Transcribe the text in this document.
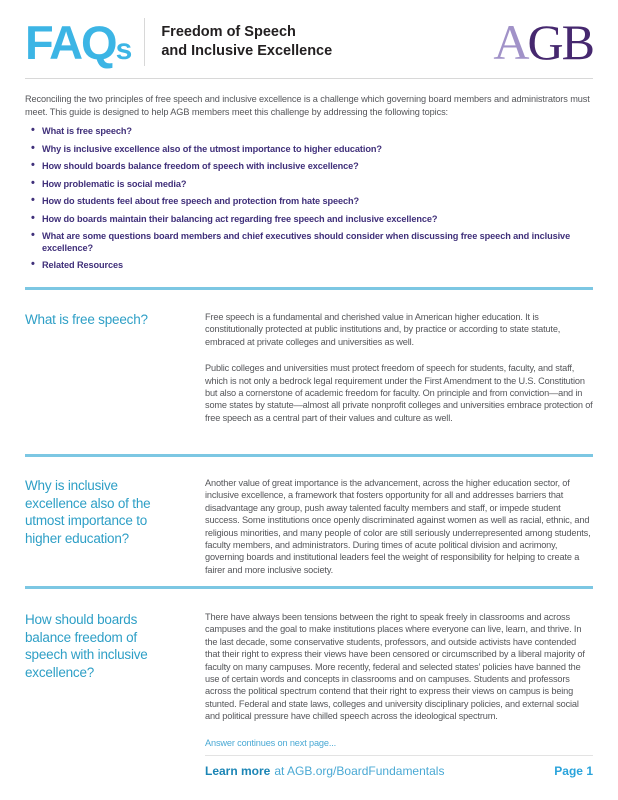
FAQs
Freedom of Speech
and Inclusive Excellence	AGB

Reconciling the two principles of free speech and inclusive excellence is a challenge which governing board members and administrators must meet. This guide is designed to help AGB members meet this challenge by addressing the following topics:

• What is free speech?
• Why is inclusive excellence also of the utmost importance to higher education?
• How should boards balance freedom of speech with inclusive excellence?
• How problematic is social media?
• How do students feel about free speech and protection from hate speech?
• How do boards maintain their balancing act regarding free speech and inclusive excellence?
• What are some questions board members and chief executives should consider when discussing free speech and inclusive excellence?
• Related Resources
What is free speech?	Free speech is a fundamental and cherished value in American higher education. It is constitutionally protected at public institutions and, by practice or according to state statute, embraced at private colleges and universities as well.

Public colleges and universities must protect freedom of speech for students, faculty, and staff, which is not only a bedrock legal requirement under the First Amendment to the U.S. Constitution but also a cornerstone of academic freedom for faculty. On principle and from conviction—and in some states by statute—almost all private nonprofit colleges and universities embrace protection of free speech as a central part of their values and culture as well.

Why is inclusive excellence also of the utmost importance to higher education?

Another value of great importance is the advancement, across the higher education sector, of inclusive excellence, a framework that fosters opportunity for all and addresses barriers that disadvantage any group, push away talented faculty members and staff, or impede student success. Some institutions once openly discriminated against women as well as racial, ethnic, and religious minorities, and many people of color are still seriously underrepresented among students, faculty members, and administrators. During times of acute political division and acrimony, governing boards and institutional leaders feel the weight of responsibility for helping to create a fairer and more inclusive society.

How should boards balance freedom of speech with inclusive excellence?

There have always been tensions between the right to speak freely in classrooms and across campuses and the goal to make institutions places where everyone can live, learn, and thrive. In the last decade, some conservative students, professors, and outside activists have contended that their right to express their views have been censored or circumscribed by a liberal majority of faculty on many campuses. More recently, federal and selected states’ policies have banned the use of certain words and concepts in classrooms and on campuses. Students and professors across the political spectrum contend that their right to express their views on campus is being stunted. Federal and state laws, colleges and university disciplinary policies, and external social and political pressure have chilled speech across the ideological spectrum.

Answer continues on next page...

Learn more at AGB.org/BoardFundamentals	Page 1
